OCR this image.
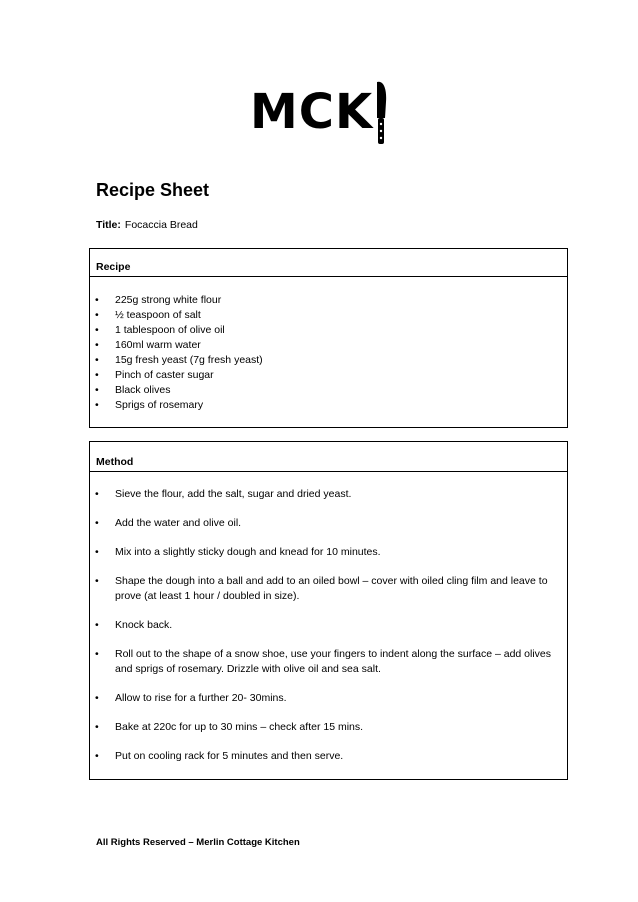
MCK
Recipe Sheet
Title: Focaccia Bread
Recipe
• 225g strong white flour
• ½ teaspoon of salt
• 1 tablespoon of olive oil
• 160ml warm water
• 15g fresh yeast (7g fresh yeast)
• Pinch of caster sugar
• Black olives
• Sprigs of rosemary
Method
• Sieve the flour, add the salt, sugar and dried yeast.
• Add the water and olive oil.
• Mix into a slightly sticky dough and knead for 10 minutes.
• Shape the dough into a ball and add to an oiled bowl – cover with oiled cling film and leave to prove (at least 1 hour / doubled in size).
• Knock back.
• Roll out to the shape of a snow shoe, use your fingers to indent along the surface – add olives and sprigs of rosemary. Drizzle with olive oil and sea salt.
• Allow to rise for a further 20- 30mins.
• Bake at 220c for up to 30 mins – check after 15 mins.
• Put on cooling rack for 5 minutes and then serve.
All Rights Reserved – Merlin Cottage Kitchen
